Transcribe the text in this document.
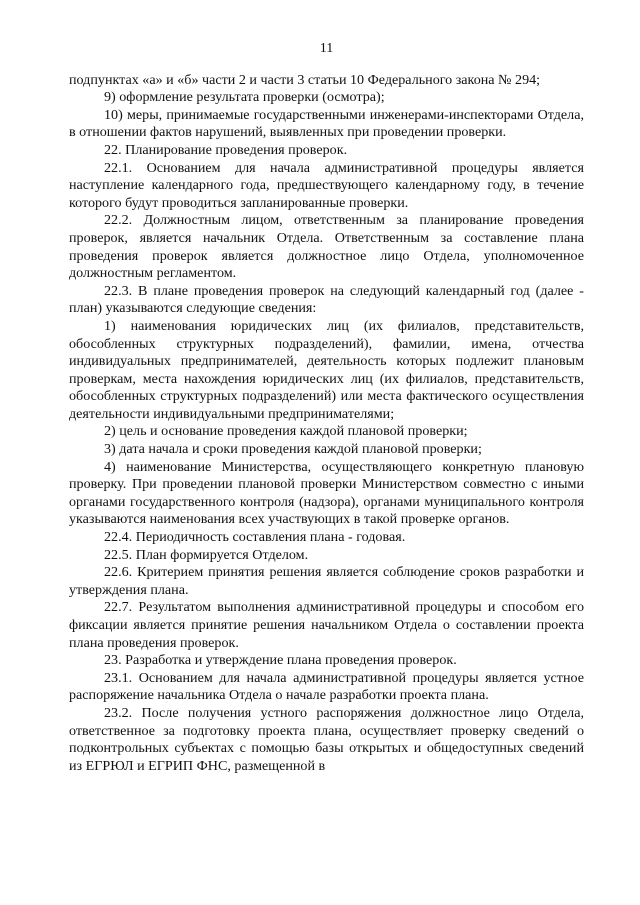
11

подпунктах «а» и «б» части 2 и части 3 статьи 10 Федерального закона № 294;

9) оформление результата проверки (осмотра);

10) меры, принимаемые государственными инженерами-инспекторами Отдела, в отношении фактов нарушений, выявленных при проведении проверки.

22. Планирование проведения проверок.

22.1. Основанием для начала административной процедуры является наступление календарного года, предшествующего календарному году, в течение которого будут проводиться запланированные проверки.

22.2. Должностным лицом, ответственным за планирование проведения проверок, является начальник Отдела. Ответственным за составление плана проведения проверок является должностное лицо Отдела, уполномоченное должностным регламентом.

22.3. В плане проведения проверок на следующий календарный год (далее - план) указываются следующие сведения:

1) наименования юридических лиц (их филиалов, представительств, обособленных структурных подразделений), фамилии, имена, отчества индивидуальных предпринимателей, деятельность которых подлежит плановым проверкам, места нахождения юридических лиц (их филиалов, представительств, обособленных структурных подразделений) или места фактического осуществления деятельности индивидуальными предпринимателями;

2) цель и основание проведения каждой плановой проверки;

3) дата начала и сроки проведения каждой плановой проверки;

4) наименование Министерства, осуществляющего конкретную плановую проверку. При проведении плановой проверки Министерством совместно с иными органами государственного контроля (надзора), органами муниципального контроля указываются наименования всех участвующих в такой проверке органов.

22.4. Периодичность составления плана - годовая.

22.5. План формируется Отделом.

22.6. Критерием принятия решения является соблюдение сроков разработки и утверждения плана.

22.7. Результатом выполнения административной процедуры и способом его фиксации является принятие решения начальником Отдела о составлении проекта плана проведения проверок.

23. Разработка и утверждение плана проведения проверок.

23.1. Основанием для начала административной процедуры является устное распоряжение начальника Отдела о начале разработки проекта плана.

23.2. После получения устного распоряжения должностное лицо Отдела, ответственное за подготовку проекта плана, осуществляет проверку сведений о подконтрольных субъектах с помощью базы открытых и общедоступных сведений из ЕГРЮЛ и ЕГРИП ФНС, размещенной в
